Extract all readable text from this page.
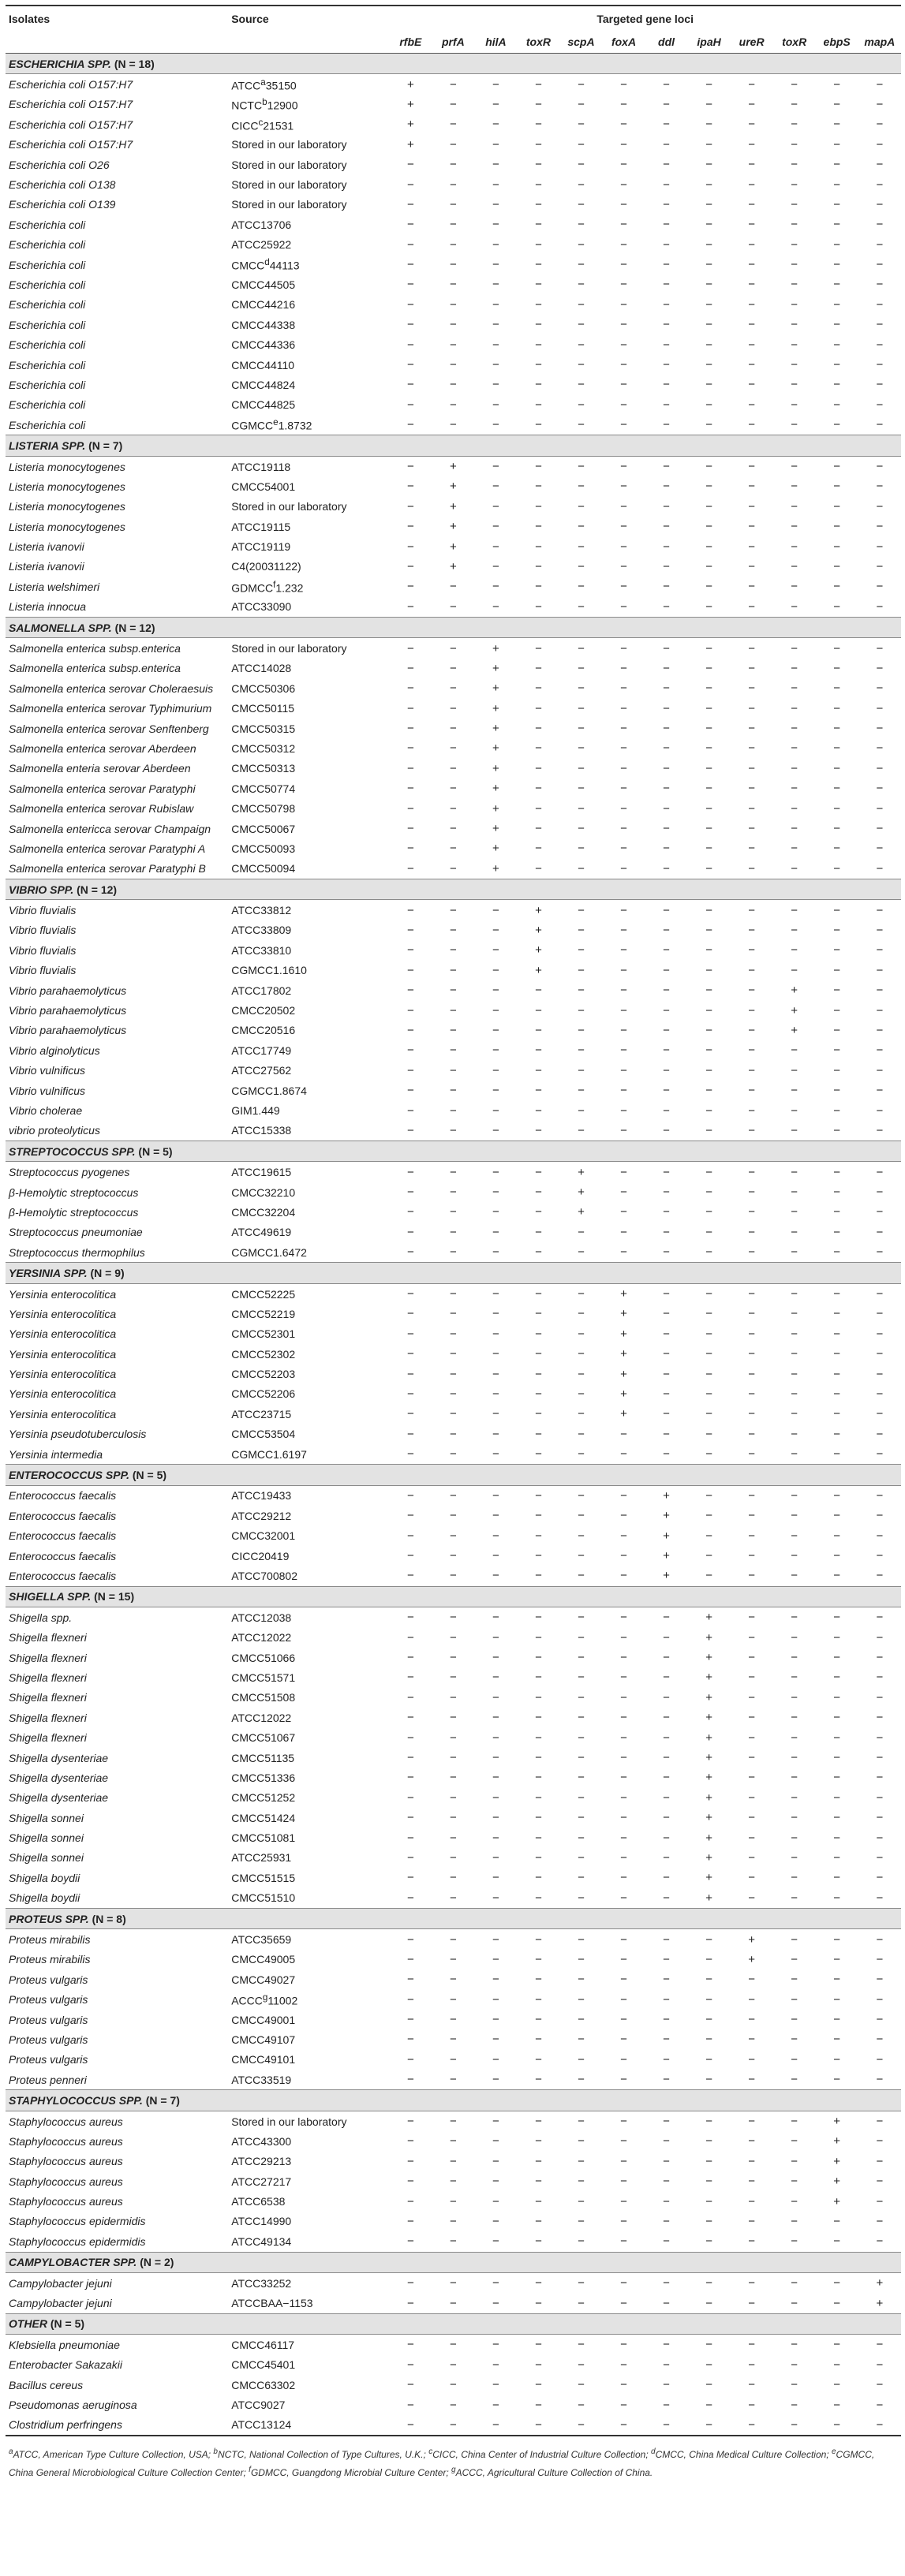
Isolates	Source	Targeted gene loci											
		rfbE	prfA	hilA	toxR	scpA	foxA	ddl	ipaH	ureR	toxR	ebpS	mapA
ESCHERICHIA SPP. (N = 18)													
Escherichia coli O157:H7	$ATCC^a35150$	+	−	−	−	−	−	−	−	−	−	−	−
Escherichia coli O157:H7	$NCTC^b12900$	+	−	−	−	−	−	−	−	−	−	−	−
Escherichia coli O157:H7	$CICC^c21531$	+	−	−	−	−	−	−	−	−	−	−	−
Escherichia coli O157:H7	Stored in our laboratory	+	−	−	−	−	−	−	−	−	−	−	−
Escherichia coli O26	Stored in our laboratory	−	−	−	−	−	−	−	−	−	−	−	−
Escherichia coli O138	Stored in our laboratory	−	−	−	−	−	−	−	−	−	−	−	−
Escherichia coli O139	Stored in our laboratory	−	−	−	−	−	−	−	−	−	−	−	−
Escherichia coli	ATCC13706	−	−	−	−	−	−	−	−	−	−	−	−
Escherichia coli	ATCC25922	−	−	−	−	−	−	−	−	−	−	−	−
Escherichia coli	$CMCC^d44113$	−	−	−	−	−	−	−	−	−	−	−	−
Escherichia coli	CMCC44505	−	−	−	−	−	−	−	−	−	−	−	−
Escherichia coli	CMCC44216	−	−	−	−	−	−	−	−	−	−	−	−
Escherichia coli	CMCC44338	−	−	−	−	−	−	−	−	−	−	−	−
Escherichia coli	CMCC44336	−	−	−	−	−	−	−	−	−	−	−	−
Escherichia coli	CMCC44110	−	−	−	−	−	−	−	−	−	−	−	−
Escherichia coli	CMCC44824	−	−	−	−	−	−	−	−	−	−	−	−
Escherichia coli	CMCC44825	−	−	−	−	−	−	−	−	−	−	−	−
Escherichia coli	$CGMCC^e1.8732$	−	−	−	−	−	−	−	−	−	−	−	−
LISTERIA SPP. (N = 7)													
Listeria monocytogenes	ATCC19118	−	+	−	−	−	−	−	−	−	−	−	−
Listeria monocytogenes	CMCC54001	−	+	−	−	−	−	−	−	−	−	−	−
Listeria monocytogenes	Stored in our laboratory	−	+	−	−	−	−	−	−	−	−	−	−
Listeria monocytogenes	ATCC19115	−	+	−	−	−	−	−	−	−	−	−	−
Listeria ivanovii	ATCC19119	−	+	−	−	−	−	−	−	−	−	−	−
Listeria ivanovii	C4(20031122)	−	+	−	−	−	−	−	−	−	−	−	−
Listeria welshimeri	$GDMCC^f1.232$	−	−	−	−	−	−	−	−	−	−	−	−
Listeria innocua	ATCC33090	−	−	−	−	−	−	−	−	−	−	−	−
SALMONELLA SPP. (N = 12)													
Salmonella enterica subsp.enterica	Stored in our laboratory	−	−	+	−	−	−	−	−	−	−	−	−
Salmonella enterica subsp.enterica	ATCC14028	−	−	+	−	−	−	−	−	−	−	−	−
Salmonella enterica serovar Choleraesuis	CMCC50306	−	−	+	−	−	−	−	−	−	−	−	−
Salmonella enterica serovar Typhimurium	CMCC50115	−	−	+	−	−	−	−	−	−	−	−	−
Salmonella enterica serovar Senftenberg	CMCC50315	−	−	+	−	−	−	−	−	−	−	−	−
Salmonella enterica serovar Aberdeen	CMCC50312	−	−	+	−	−	−	−	−	−	−	−	−
Salmonella enteria serovar Aberdeen	CMCC50313	−	−	+	−	−	−	−	−	−	−	−	−
Salmonella enterica serovar Paratyphi	CMCC50774	−	−	+	−	−	−	−	−	−	−	−	−
Salmonella enterica serovar Rubislaw	CMCC50798	−	−	+	−	−	−	−	−	−	−	−	−
Salmonella entericca serovar Champaign	CMCC50067	−	−	+	−	−	−	−	−	−	−	−	−
Salmonella enterica serovar Paratyphi A	CMCC50093	−	−	+	−	−	−	−	−	−	−	−	−
Salmonella enterica serovar Paratyphi B	CMCC50094	−	−	+	−	−	−	−	−	−	−	−	−
VIBRIO SPP. (N = 12)													
Vibrio fluvialis	ATCC33812	−	−	−	+	−	−	−	−	−	−	−	−
Vibrio fluvialis	ATCC33809	−	−	−	+	−	−	−	−	−	−	−	−
Vibrio fluvialis	ATCC33810	−	−	−	+	−	−	−	−	−	−	−	−
Vibrio fluvialis	CGMCC1.1610	−	−	−	+	−	−	−	−	−	−	−	−
Vibrio parahaemolyticus	ATCC17802	−	−	−	−	−	−	−	−	−	+	−	−
Vibrio parahaemolyticus	CMCC20502	−	−	−	−	−	−	−	−	−	+	−	−
Vibrio parahaemolyticus	CMCC20516	−	−	−	−	−	−	−	−	−	+	−	−
Vibrio alginolyticus	ATCC17749	−	−	−	−	−	−	−	−	−	−	−	−
Vibrio vulnificus	ATCC27562	−	−	−	−	−	−	−	−	−	−	−	−
Vibrio vulnificus	CGMCC1.8674	−	−	−	−	−	−	−	−	−	−	−	−
Vibrio cholerae	GIM1.449	−	−	−	−	−	−	−	−	−	−	−	−
vibrio proteolyticus	ATCC15338	−	−	−	−	−	−	−	−	−	−	−	−
STREPTOCOCCUS SPP. (N = 5)													
Streptococcus pyogenes	ATCC19615	−	−	−	−	+	−	−	−	−	−	−	−
β-Hemolytic streptococcus	CMCC32210	−	−	−	−	+	−	−	−	−	−	−	−
β-Hemolytic streptococcus	CMCC32204	−	−	−	−	+	−	−	−	−	−	−	−
Streptococcus pneumoniae	ATCC49619	−	−	−	−	−	−	−	−	−	−	−	−
Streptococcus thermophilus	CGMCC1.6472	−	−	−	−	−	−	−	−	−	−	−	−
YERSINIA SPP. (N = 9)													
Yersinia enterocolitica	CMCC52225	−	−	−	−	−	+	−	−	−	−	−	−
Yersinia enterocolitica	CMCC52219	−	−	−	−	−	+	−	−	−	−	−	−
Yersinia enterocolitica	CMCC52301	−	−	−	−	−	+	−	−	−	−	−	−
Yersinia enterocolitica	CMCC52302	−	−	−	−	−	+	−	−	−	−	−	−
Yersinia enterocolitica	CMCC52203	−	−	−	−	−	+	−	−	−	−	−	−
Yersinia enterocolitica	CMCC52206	−	−	−	−	−	+	−	−	−	−	−	−
Yersinia enterocolitica	ATCC23715	−	−	−	−	−	+	−	−	−	−	−	−
Yersinia pseudotuberculosis	CMCC53504	−	−	−	−	−	−	−	−	−	−	−	−
Yersinia intermedia	CGMCC1.6197	−	−	−	−	−	−	−	−	−	−	−	−
ENTEROCOCCUS SPP. (N = 5)													
Enterococcus faecalis	ATCC19433	−	−	−	−	−	−	+	−	−	−	−	−
Enterococcus faecalis	ATCC29212	−	−	−	−	−	−	+	−	−	−	−	−
Enterococcus faecalis	CMCC32001	−	−	−	−	−	−	+	−	−	−	−	−
Enterococcus faecalis	CICC20419	−	−	−	−	−	−	+	−	−	−	−	−
Enterococcus faecalis	ATCC700802	−	−	−	−	−	−	+	−	−	−	−	−
SHIGELLA SPP. (N = 15)													
Shigella spp.	ATCC12038	−	−	−	−	−	−	−	+	−	−	−	−
Shigella flexneri	ATCC12022	−	−	−	−	−	−	−	+	−	−	−	−
Shigella flexneri	CMCC51066	−	−	−	−	−	−	−	+	−	−	−	−
Shigella flexneri	CMCC51571	−	−	−	−	−	−	−	+	−	−	−	−
Shigella flexneri	CMCC51508	−	−	−	−	−	−	−	+	−	−	−	−
Shigella flexneri	ATCC12022	−	−	−	−	−	−	−	+	−	−	−	−
Shigella flexneri	CMCC51067	−	−	−	−	−	−	−	+	−	−	−	−
Shigella dysenteriae	CMCC51135	−	−	−	−	−	−	−	+	−	−	−	−
Shigella dysenteriae	CMCC51336	−	−	−	−	−	−	−	+	−	−	−	−
Shigella dysenteriae	CMCC51252	−	−	−	−	−	−	−	+	−	−	−	−
Shigella sonnei	CMCC51424	−	−	−	−	−	−	−	+	−	−	−	−
Shigella sonnei	CMCC51081	−	−	−	−	−	−	−	+	−	−	−	−
Shigella sonnei	ATCC25931	−	−	−	−	−	−	−	+	−	−	−	−
Shigella boydii	CMCC51515	−	−	−	−	−	−	−	+	−	−	−	−
Shigella boydii	CMCC51510	−	−	−	−	−	−	−	+	−	−	−	−
PROTEUS SPP. (N = 8)													
Proteus mirabilis	ATCC35659	−	−	−	−	−	−	−	−	+	−	−	−
Proteus mirabilis	CMCC49005	−	−	−	−	−	−	−	−	+	−	−	−
Proteus vulgaris	CMCC49027	−	−	−	−	−	−	−	−	−	−	−	−
Proteus vulgaris	$ACCC^g11002$	−	−	−	−	−	−	−	−	−	−	−	−
Proteus vulgaris	CMCC49001	−	−	−	−	−	−	−	−	−	−	−	−
Proteus vulgaris	CMCC49107	−	−	−	−	−	−	−	−	−	−	−	−
Proteus vulgaris	CMCC49101	−	−	−	−	−	−	−	−	−	−	−	−
Proteus penneri	ATCC33519	−	−	−	−	−	−	−	−	−	−	−	−
STAPHYLOCOCCUS SPP. (N = 7)													
Staphylococcus aureus	Stored in our laboratory	−	−	−	−	−	−	−	−	−	−	+	−
Staphylococcus aureus	ATCC43300	−	−	−	−	−	−	−	−	−	−	+	−
Staphylococcus aureus	ATCC29213	−	−	−	−	−	−	−	−	−	−	+	−
Staphylococcus aureus	ATCC27217	−	−	−	−	−	−	−	−	−	−	+	−
Staphylococcus aureus	ATCC6538	−	−	−	−	−	−	−	−	−	−	+	−
Staphylococcus epidermidis	ATCC14990	−	−	−	−	−	−	−	−	−	−	−	−
Staphylococcus epidermidis	ATCC49134	−	−	−	−	−	−	−	−	−	−	−	−
CAMPYLOBACTER SPP. (N = 2)													
Campylobacter jejuni	ATCC33252	−	−	−	−	−	−	−	−	−	−	−	+
Campylobacter jejuni	ATCCBAA−1153	−	−	−	−	−	−	−	−	−	−	−	+
OTHER (N = 5)													
Klebsiella pneumoniae	CMCC46117	−	−	−	−	−	−	−	−	−	−	−	−
Enterobacter Sakazakii	CMCC45401	−	−	−	−	−	−	−	−	−	−	−	−
Bacillus cereus	CMCC63302	−	−	−	−	−	−	−	−	−	−	−	−
Pseudomonas aeruginosa	ATCC9027	−	−	−	−	−	−	−	−	−	−	−	−
Clostridium perfringens	ATCC13124	−	−	−	−	−	−	−	−	−	−	−	−
$^a$ATCC, American Type Culture Collection, USA; $^b$NCTC, National Collection of Type Cultures, U.K.; $^c$CICC, China Center of Industrial Culture Collection; $^d$CMCC, China Medical Culture Collection; $^e$CGMCC, China General Microbiological Culture Collection Center; $^f$GDMCC, Guangdong Microbial Culture Center; $^g$ACCC, Agricultural Culture Collection of China.													
